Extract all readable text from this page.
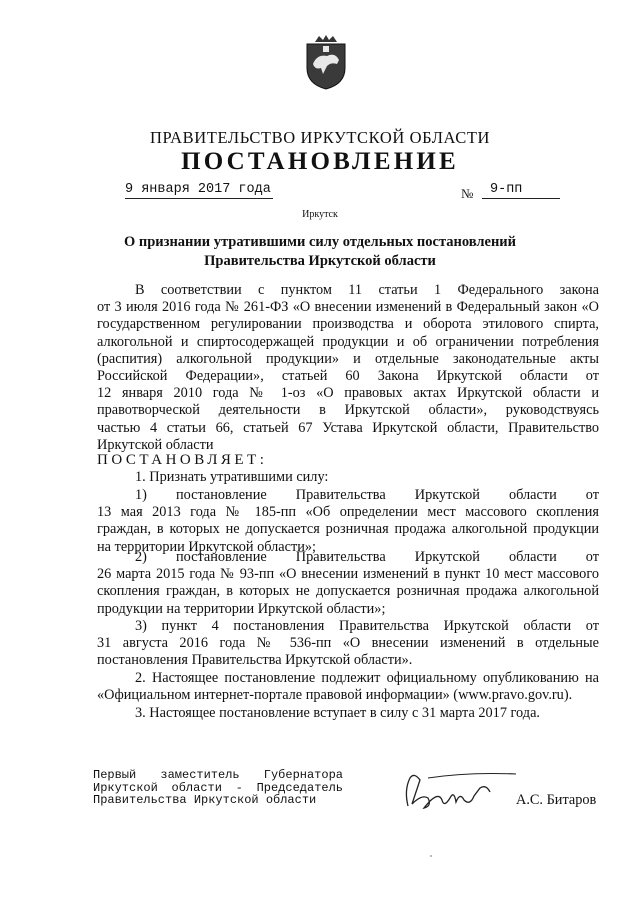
ПРАВИТЕЛЬСТВО ИРКУТСКОЙ ОБЛАСТИ
ПОСТАНОВЛЕНИЕ
9 января 2017 года	№	9-пп
Иркутск
О признании утратившими силу отдельных постановлений
Правительства Иркутской области

В соответствии с пунктом 11 статьи 1 Федерального закона

от 3 июля 2016 года № 261-ФЗ «О внесении изменений в Федеральный закон «О

государственном регулировании производства и оборота этилового спирта,

алкогольной и спиртосодержащей продукции и об ограничении потребления

(распития) алкогольной продукции» и отдельные законодательные акты

Российской Федерации», статьей 60 Закона Иркутской области от

12 января 2010 года № 1-оз «О правовых актах Иркутской области и

правотворческой деятельности в Иркутской области», руководствуясь

частью 4 статьи 66, статьей 67 Устава Иркутской области, Правительство

Иркутской области

ПОСТАНОВЛЯЕТ:

1. Признать утратившими силу:

1) постановление Правительства Иркутской области от

13 мая 2013 года № 185-пп «Об определении мест массового скопления

граждан, в которых не допускается розничная продажа алкогольной продукции

на территории Иркутской области»;

2) постановление Правительства Иркутской области от

26 марта 2015 года № 93-пп «О внесении изменений в пункт 10 мест массового

скопления граждан, в которых не допускается розничная продажа алкогольной

продукции на территории Иркутской области»;

3) пункт 4 постановления Правительства Иркутской области от

31 августа 2016 года № 536-пп «О внесении изменений в отдельные

постановления Правительства Иркутской области».

2. Настоящее постановление подлежит официальному опубликованию на

«Официальном интернет-портале правовой информации» (www.pravo.gov.ru).

3. Настоящее постановление вступает в силу с 31 марта 2017 года.

Первый заместитель Губернатора
Иркутской области - Председатель
Правительства Иркутской области	А.С. Битаров
